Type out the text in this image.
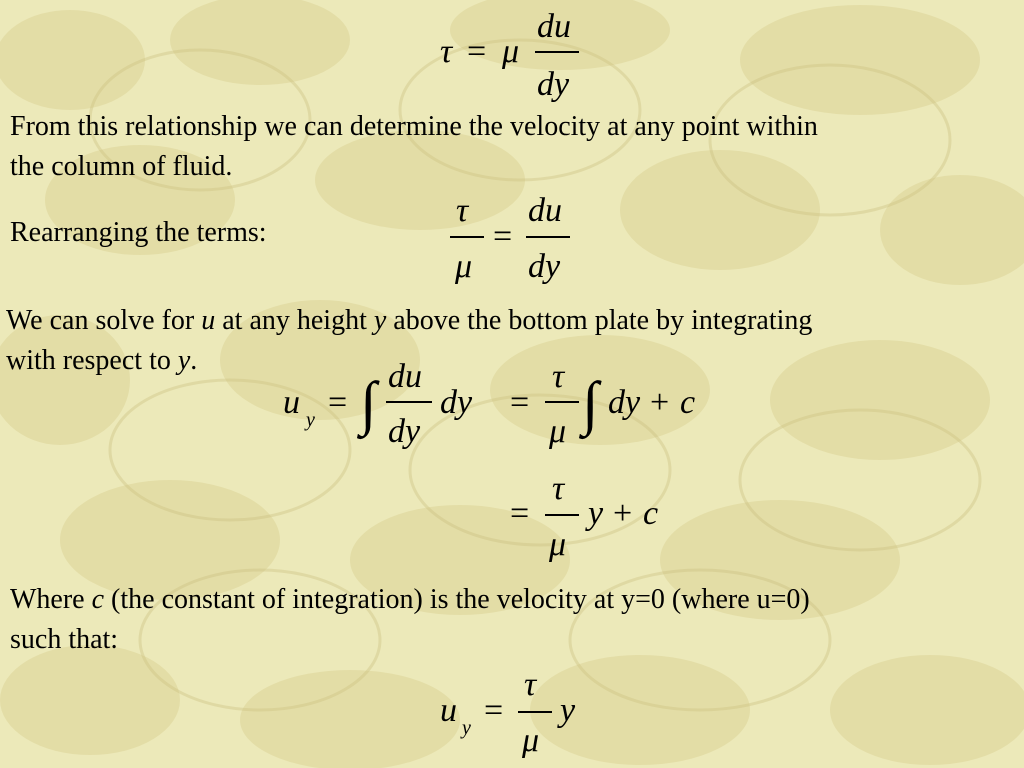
τ = μ
du
dy
From this relationship we can determine the velocity at any point within
the column of fluid.
Rearranging the terms:
τ
μ
=
du
dy
We can solve for u at any height y above the bottom plate by integrating
with respect to y.
u y = ∫ du
dy
dy =
τ
μ ∫ dy + c
=
τ
μ
y + c
Where c (the constant of integration) is the velocity at y=0 (where u=0)
such that:
u y =
τ
μ
y
